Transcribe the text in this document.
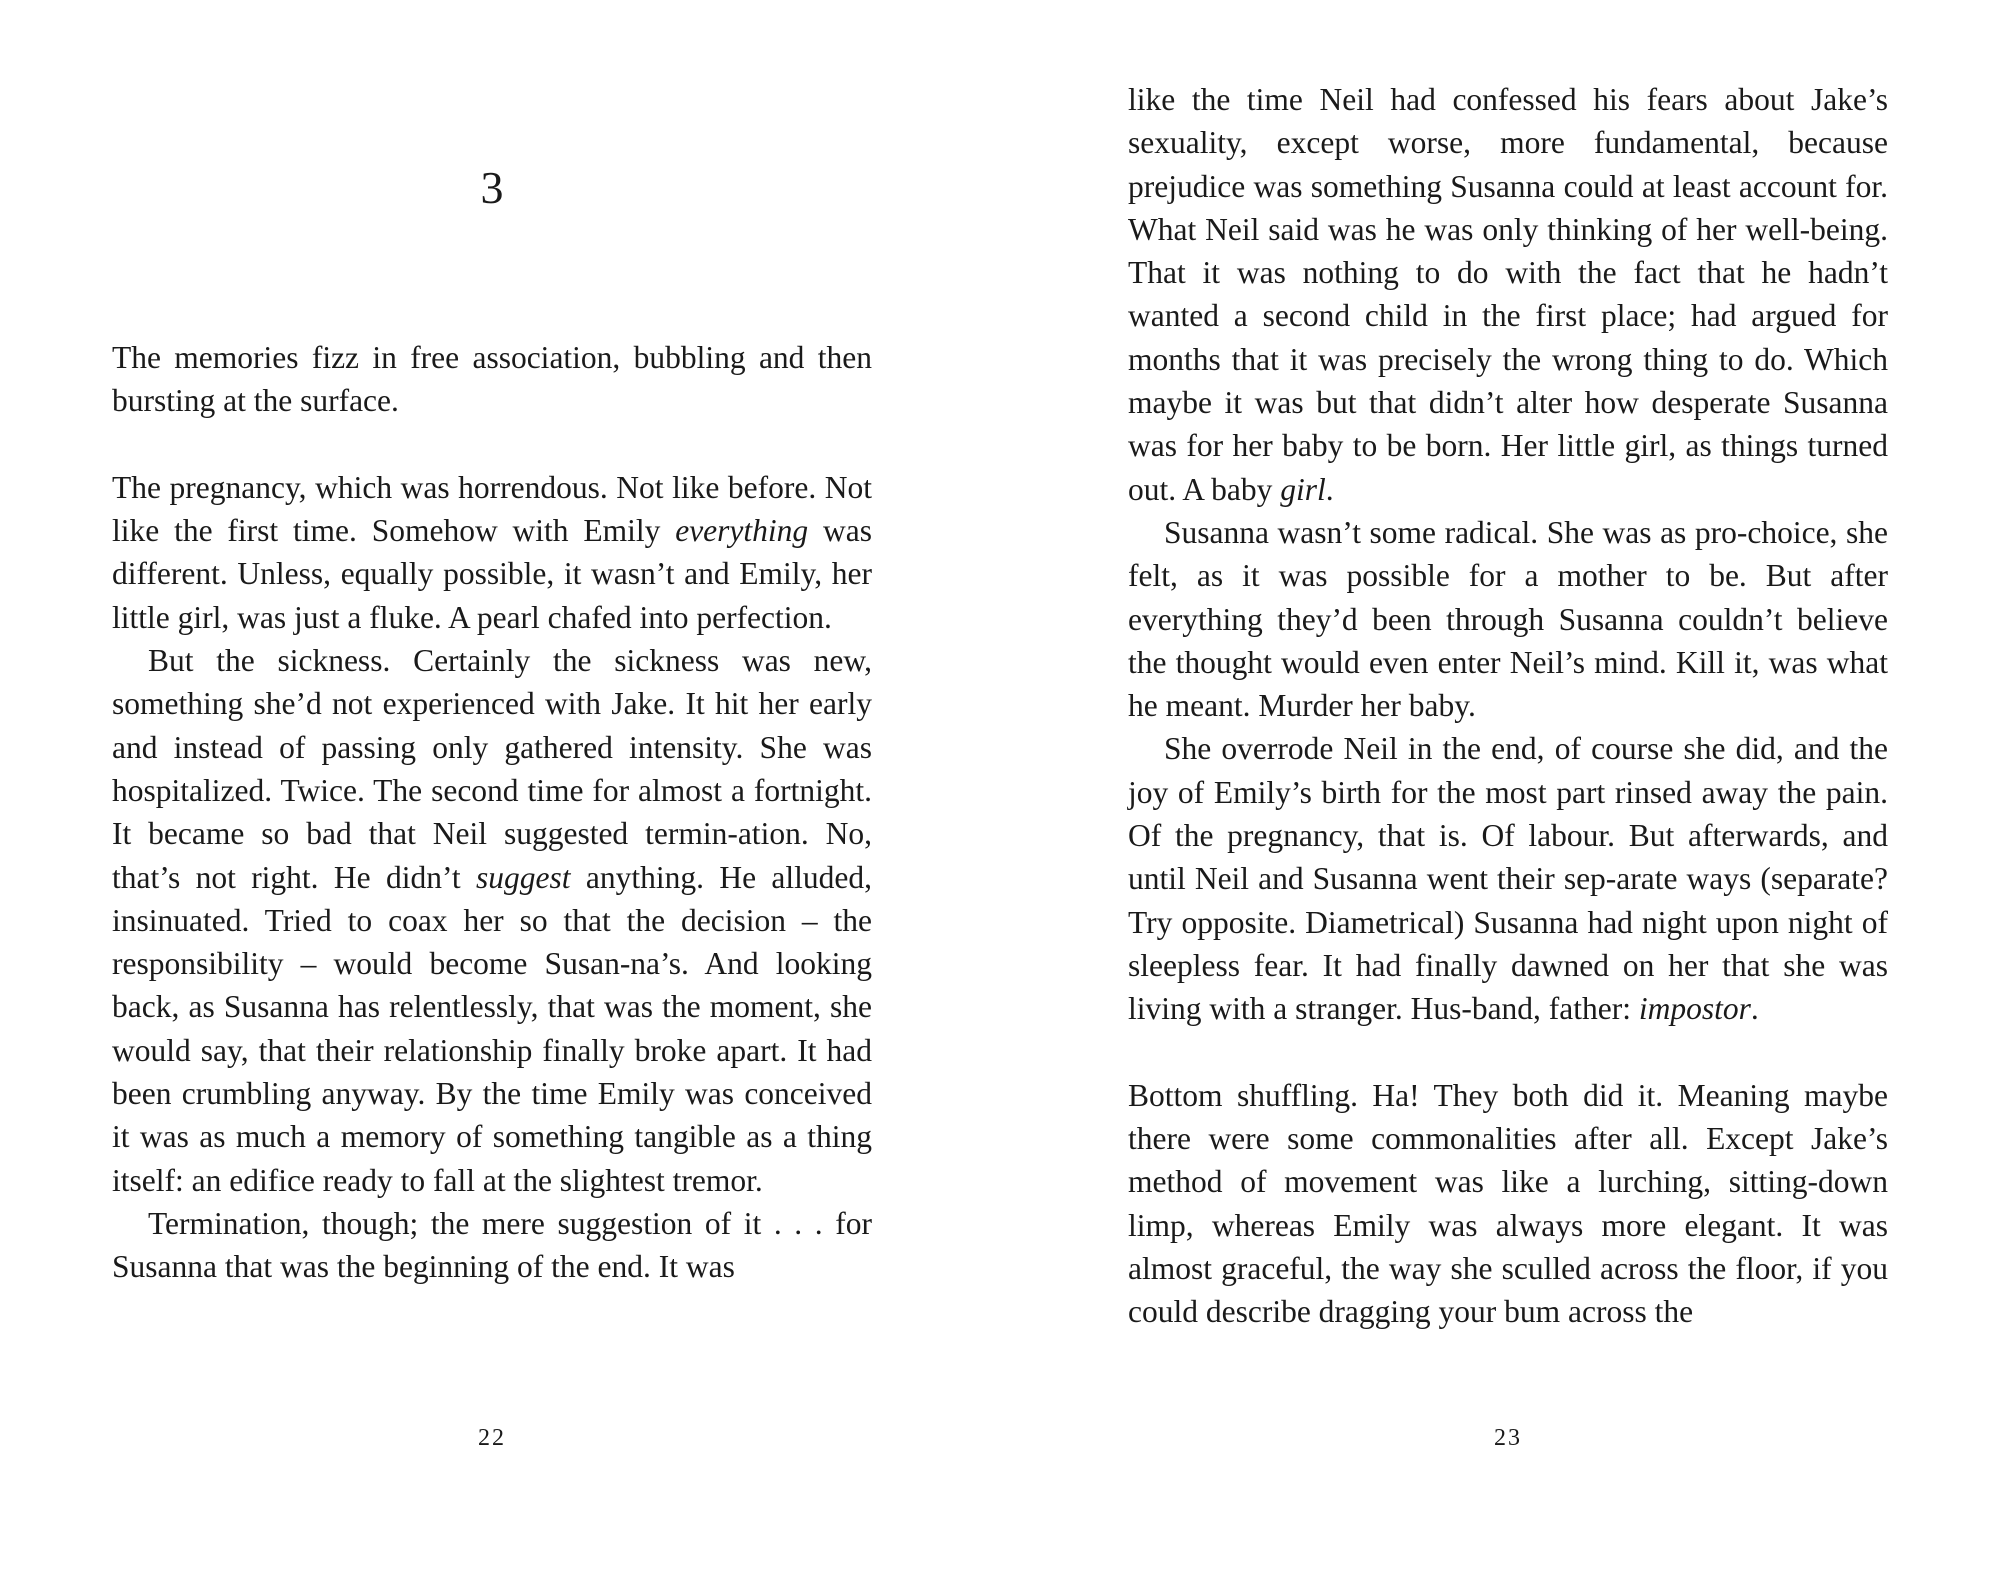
3

The memories fizz in free association, bubbling and then bursting at the surface.

The pregnancy, which was horrendous. Not like before. Not like the first time. Somehow with Emily everything was different. Unless, equally possible, it wasn’t and Emily, her little girl, was just a fluke. A pearl chafed into perfection.

But the sickness. Certainly the sickness was new, something she’d not experienced with Jake. It hit her early and instead of passing only gathered intensity. She was hospitalized. Twice. The second time for almost a fortnight. It became so bad that Neil suggested termin-ation. No, that’s not right. He didn’t suggest anything. He alluded, insinuated. Tried to coax her so that the decision – the responsibility – would become Susan-na’s. And looking back, as Susanna has relentlessly, that was the moment, she would say, that their relationship finally broke apart. It had been crumbling anyway. By the time Emily was conceived it was as much a memory of something tangible as a thing itself: an edifice ready to fall at the slightest tremor.

Termination, though; the mere suggestion of it . . . for Susanna that was the beginning of the end. It was

22

like the time Neil had confessed his fears about Jake’s sexuality, except worse, more fundamental, because prejudice was something Susanna could at least account for. What Neil said was he was only thinking of her well-being. That it was nothing to do with the fact that he hadn’t wanted a second child in the first place; had argued for months that it was precisely the wrong thing to do. Which maybe it was but that didn’t alter how desperate Susanna was for her baby to be born. Her little girl, as things turned out. A baby girl.

Susanna wasn’t some radical. She was as pro-choice, she felt, as it was possible for a mother to be. But after everything they’d been through Susanna couldn’t believe the thought would even enter Neil’s mind. Kill it, was what he meant. Murder her baby.

She overrode Neil in the end, of course she did, and the joy of Emily’s birth for the most part rinsed away the pain. Of the pregnancy, that is. Of labour. But afterwards, and until Neil and Susanna went their sep-arate ways (separate? Try opposite. Diametrical) Susanna had night upon night of sleepless fear. It had finally dawned on her that she was living with a stranger. Hus-band, father: impostor.

Bottom shuffling. Ha! They both did it. Meaning maybe there were some commonalities after all. Except Jake’s method of movement was like a lurching, sitting-down limp, whereas Emily was always more elegant. It was almost graceful, the way she sculled across the floor, if you could describe dragging your bum across the

23
